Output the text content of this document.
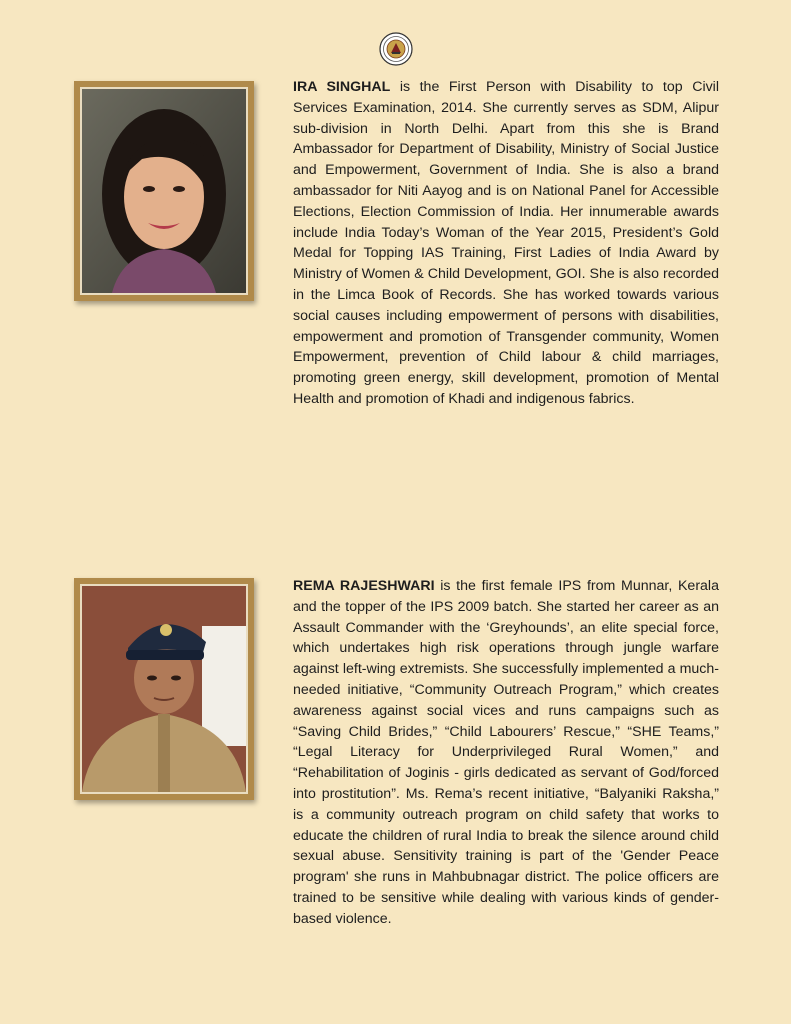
IRA SINGHAL is the First Person with Disability to top Civil Services Examination, 2014. She currently serves as SDM, Alipur sub-division in North Delhi. Apart from this she is Brand Ambassador for Department of Disability, Ministry of Social Justice and Empowerment, Government of India. She is also a brand ambassador for Niti Aayog and is on National Panel for Accessible Elections, Election Commission of India. Her innumerable awards include India Today’s Woman of the Year 2015, President’s Gold Medal for Topping IAS Training, First Ladies of India Award by Ministry of Women & Child Development, GOI. She is also recorded in the Limca Book of Records. She has worked towards various social causes including empowerment of persons with disabilities, empowerment and promotion of Transgender community, Women Empowerment, prevention of Child labour & child marriages, promoting green energy, skill development, promotion of Mental Health and promotion of Khadi and indigenous fabrics.

REMA RAJESHWARI is the first female IPS from Munnar, Kerala and the topper of the IPS 2009 batch. She started her career as an Assault Commander with the ‘Greyhounds’, an elite special force, which undertakes high risk operations through jungle warfare against left-wing extremists. She successfully implemented a much-needed initiative, “Community Outreach Program,” which creates awareness against social vices and runs campaigns such as “Saving Child Brides,” “Child Labourers’ Rescue,” “SHE Teams,” “Legal Literacy for Underprivileged Rural Women,” and “Rehabilitation of Joginis - girls dedicated as servant of God/forced into prostitution”. Ms. Rema’s recent initiative, “Balyaniki Raksha,” is a community outreach program on child safety that works to educate the children of rural India to break the silence around child sexual abuse. Sensitivity training is part of the 'Gender Peace program' she runs in Mahbubnagar district. The police officers are trained to be sensitive while dealing with various kinds of gender-based violence.
